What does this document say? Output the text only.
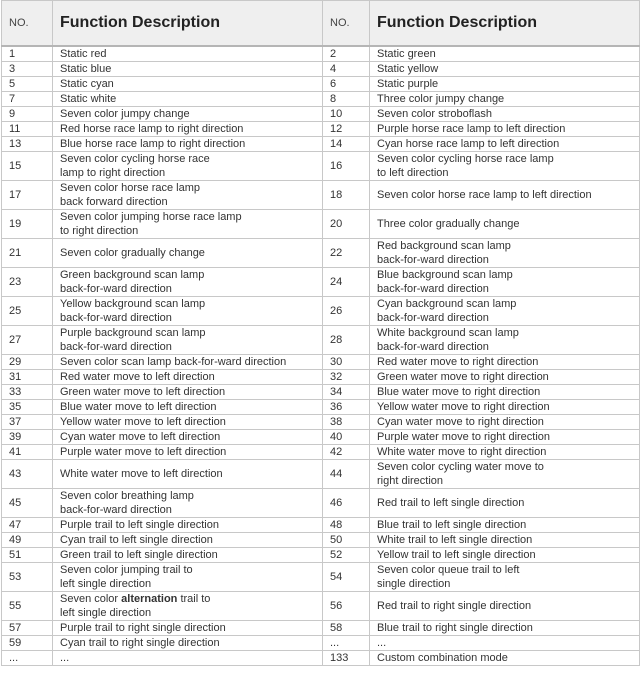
NO.	Function Description	NO.	Function Description
1	Static red	2	Static green

3	Static blue	4	Static yellow

5	Static cyan	6	Static purple

7	Static white	8	Three color jumpy change

9	Seven color jumpy change	10	Seven color stroboflash

11	Red horse race lamp to right direction	12	Purple horse race lamp to left direction

13	Blue horse race lamp to right direction	14	Cyan horse race lamp to left direction

15	Seven color cycling horse race
lamp to right direction	16	Seven color cycling horse race lamp
to left direction

17	Seven color horse race lamp
back forward direction	18	Seven color horse race lamp to left direction

19	Seven color jumping horse race lamp
to right direction	20	Three color gradually change

21	Seven color gradually change	22	Red background scan lamp
back-for-ward direction

23	Green background scan lamp
back-for-ward direction	24	Blue background scan lamp
back-for-ward direction

25	Yellow background scan lamp
back-for-ward direction	26	Cyan background scan lamp
back-for-ward direction

27	Purple background scan lamp
back-for-ward direction	28	White background scan lamp
back-for-ward direction

29	Seven color scan lamp back-for-ward direction	30	Red water move to right direction

31	Red water move to left direction	32	Green water move to right direction

33	Green water move to left direction	34	Blue water move to right direction

35	Blue water move to left direction	36	Yellow water move to right direction

37	Yellow water move to left direction	38	Cyan water move to right direction

39	Cyan water move to left direction	40	Purple water move to right direction

41	Purple water move to left direction	42	White water move to right direction

43	White water move to left direction	44	Seven color cycling water move to
right direction

45	Seven color breathing lamp
back-for-ward direction	46	Red trail to left single direction

47	Purple trail to left single direction	48	Blue trail to left single direction

49	Cyan trail to left single direction	50	White trail to left single direction

51	Green trail to left single direction	52	Yellow trail to left single direction

53	Seven color jumping trail to
left single direction	54	Seven color queue trail to left
single direction

55	Seven color alternation trail to
left single direction	56	Red trail to right single direction

57	Purple trail to right single direction	58	Blue trail to right single direction

59	Cyan trail to right single direction	...	...

...	...	133	Custom combination mode
